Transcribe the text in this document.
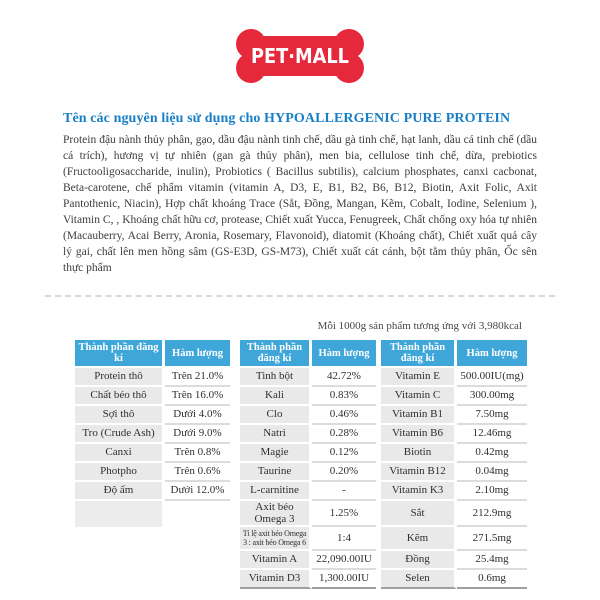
PET·MALL
Tên các nguyên liệu sử dụng cho HYPOALLERGENIC PURE PROTEIN

Protein đậu nành thủy phân, gạo, dầu đậu nành tinh chế, dầu gà tinh chế, hạt lanh, dầu cá tinh chế (dầu cá trích), hương vị tự nhiên (gan gà thủy phân), men bia, cellulose tinh chế, dừa, prebiotics (Fructooligosaccharide, inulin), Probiotics ( Bacillus subtilis), calcium phosphates, canxi cacbonat, Beta-carotene, chế phẩm vitamin (vitamin A, D3, E, B1, B2, B6, B12, Biotin, Axit Folic, Axit Pantothenic, Niacin), Hợp chất khoáng Trace (Sắt, Đồng, Mangan, Kẽm, Cobalt, Iodine, Selenium ), Vitamin C, , Khoáng chất hữu cơ, protease, Chiết xuất Yucca, Fenugreek, Chất chống oxy hóa tự nhiên (Macauberry, Acai Berry, Aronia, Rosemary, Flavonoid), diatomit (Khoáng chất), Chiết xuất quả cây lý gai, chất lên men hồng sâm (GS-E3D, GS-M73), Chiết xuất cát cánh, bột tằm thủy phân, Ốc sên thực phẩm

Mỗi 1000g sản phẩm tương ứng với 3,980kcal
Thành phần đăng kí	Hàm lượng
Protein thô	Trên 21.0%
Chất béo thô	Trên 16.0%
Sợi thô	Dưới 4.0%
Tro (Crude Ash)	Dưới 9.0%
Canxi	Trên 0.8%
Photpho	Trên 0.6%
Độ ẩm	Dưới 12.0%

Thành phần đăng kí	Hàm lượng
Tinh bột	42.72%
Kali	0.83%
Clo	0.46%
Natri	0.28%
Magie	0.12%
Taurine	0.20%
L-carnitine	-
Axit béo Omega 3	1.25%
Tỉ lệ axit béo Omega 3 : axit béo Omega 6	1:4
Vitamin A	22,090.00IU
Vitamin D3	1,300.00IU
Thành phần đăng kí	Hàm lượng
Vitamin E	500.00IU(mg)
Vitamin C	300.00mg
Vitamin B1	7.50mg
Vitamin B6	12.46mg
Biotin	0.42mg
Vitamin B12	0.04mg
Vitamin K3	2.10mg
Sắt	212.9mg
Kẽm	271.5mg
Đồng	25.4mg
Selen	0.6mg
